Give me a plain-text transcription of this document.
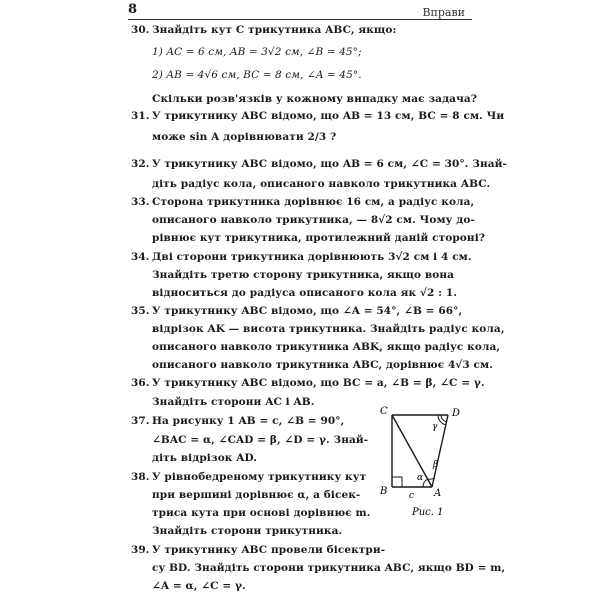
8	Вправи
30. Знайдіть кут C трикутника ABC, якщо:
1) AC = 6 см, AB = 3√2 см, ∠B = 45°;
2) AB = 4√6 см, BC = 8 см, ∠A = 45°.
Скільки розв'язків у кожному випадку має задача?
31. У трикутнику ABC відомо, що AB = 13 см, BC = 8 см. Чи
може sin A дорівнювати 2/3 ?
32. У трикутнику ABC відомо, що AB = 6 см, ∠C = 30°. Знай-
діть радіус кола, описаного навколо трикутника ABC.
33. Сторона трикутника дорівнює 16 см, а радіус кола,
описаного навколо трикутника, — 8√2 см. Чому до-
рівнює кут трикутника, протилежний даній стороні?
34. Дві сторони трикутника дорівнюють 3√2 см і 4 см.
Знайдіть третю сторону трикутника, якщо вона
відноситься до радіуса описаного кола як √2 : 1.
35. У трикутнику ABC відомо, що ∠A = 54°, ∠B = 66°,
відрізок AK — висота трикутника. Знайдіть радіус кола,
описаного навколо трикутника ABK, якщо радіус кола,
описаного навколо трикутника ABC, дорівнює 4√3 см.
36. У трикутнику ABC відомо, що BC = a, ∠B = β, ∠C = γ.
Знайдіть сторони AC і AB.
37. На рисунку 1 AB = c, ∠B = 90°,
∠BAC = α, ∠CAD = β, ∠D = γ. Знай-
діть відрізок AD.
38. У рівнобедреному трикутнику кут
при вершині дорівнює α, а бісек-
триса кута при основі дорівнює m.
Знайдіть сторони трикутника.
39. У трикутнику ABC провели бісектри-
су BD. Знайдіть сторони трикутника ABC, якщо BD = m,
∠A = α, ∠C = γ.
C	D
B	A
c
γ
β
α
Рис. 1
